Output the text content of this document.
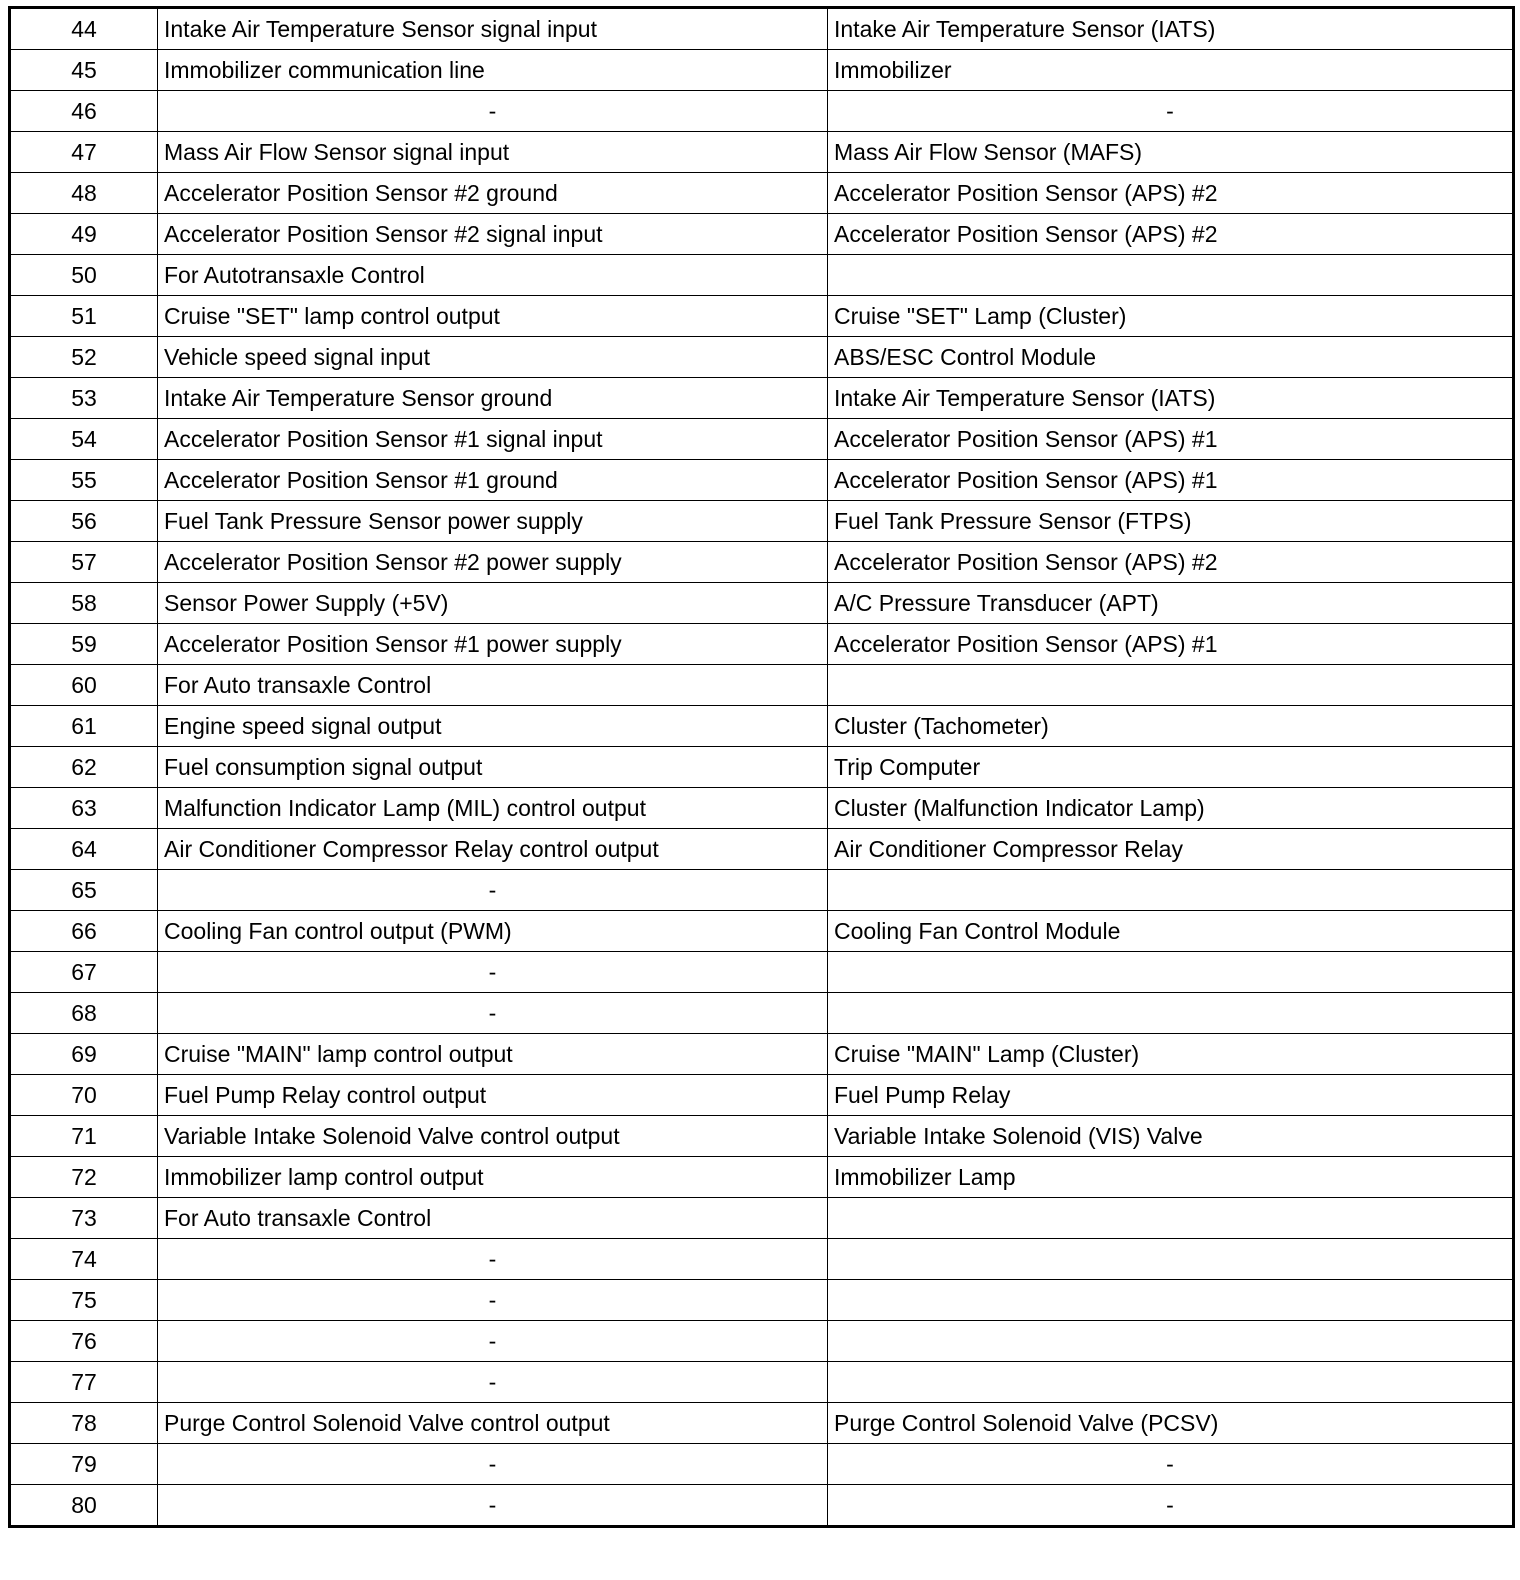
44	Intake Air Temperature Sensor signal input	Intake Air Temperature Sensor (IATS)
45	Immobilizer communication line	Immobilizer
46	-	-
47	Mass Air Flow Sensor signal input	Mass Air Flow Sensor (MAFS)
48	Accelerator Position Sensor #2 ground	Accelerator Position Sensor (APS) #2
49	Accelerator Position Sensor #2 signal input	Accelerator Position Sensor (APS) #2
50	For Autotransaxle Control	
51	Cruise "SET" lamp control output	Cruise "SET" Lamp (Cluster)
52	Vehicle speed signal input	ABS/ESC Control Module
53	Intake Air Temperature Sensor ground	Intake Air Temperature Sensor (IATS)
54	Accelerator Position Sensor #1 signal input	Accelerator Position Sensor (APS) #1
55	Accelerator Position Sensor #1 ground	Accelerator Position Sensor (APS) #1
56	Fuel Tank Pressure Sensor power supply	Fuel Tank Pressure Sensor (FTPS)
57	Accelerator Position Sensor #2 power supply	Accelerator Position Sensor (APS) #2
58	Sensor Power Supply (+5V)	A/C Pressure Transducer (APT)
59	Accelerator Position Sensor #1 power supply	Accelerator Position Sensor (APS) #1
60	For Auto transaxle Control	
61	Engine speed signal output	Cluster (Tachometer)
62	Fuel consumption signal output	Trip Computer
63	Malfunction Indicator Lamp (MIL) control output	Cluster (Malfunction Indicator Lamp)
64	Air Conditioner Compressor Relay control output	Air Conditioner Compressor Relay
65	-	
66	Cooling Fan control output (PWM)	Cooling Fan Control Module
67	-	
68	-	
69	Cruise "MAIN" lamp control output	Cruise "MAIN" Lamp (Cluster)
70	Fuel Pump Relay control output	Fuel Pump Relay
71	Variable Intake Solenoid Valve control output	Variable Intake Solenoid (VIS) Valve
72	Immobilizer lamp control output	Immobilizer Lamp
73	For Auto transaxle Control	
74	-	
75	-	
76	-	
77	-	
78	Purge Control Solenoid Valve control output	Purge Control Solenoid Valve (PCSV)
79	-	-
80	-	-
